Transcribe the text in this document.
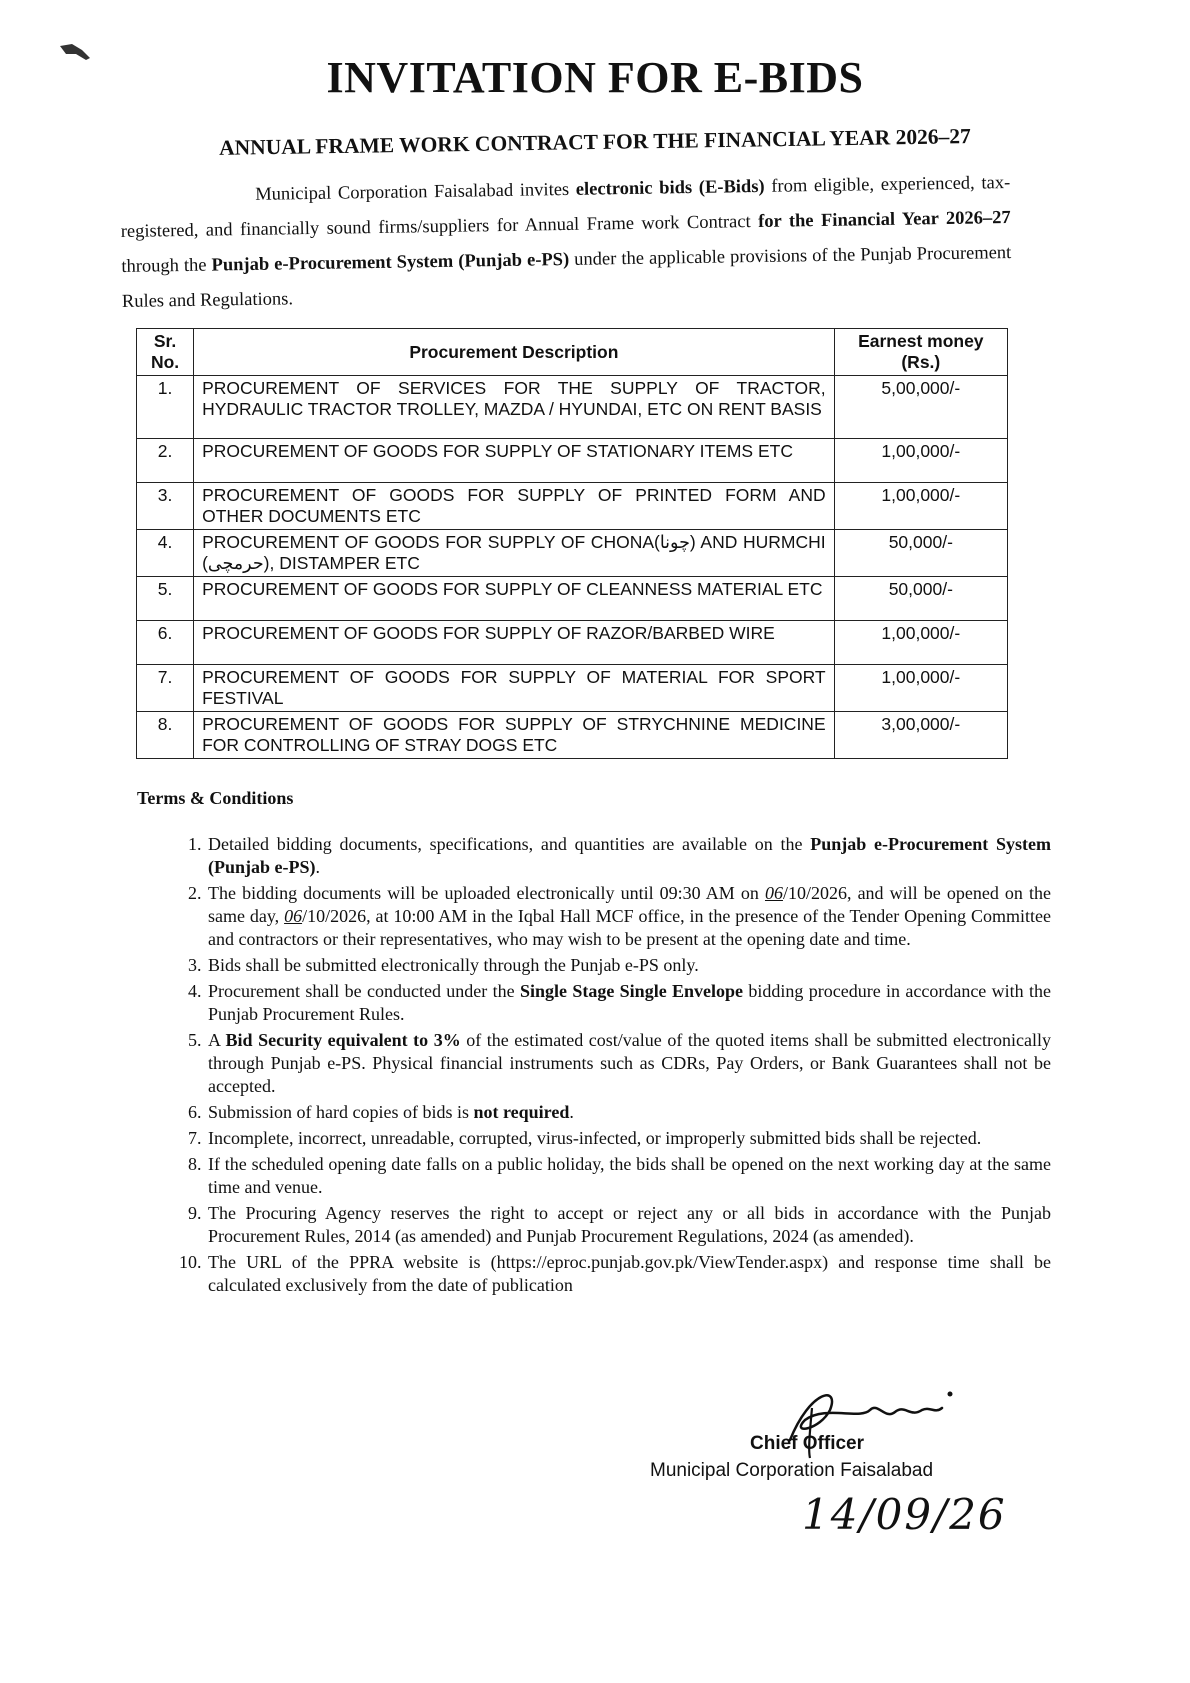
INVITATION FOR E-BIDS
ANNUAL FRAME WORK CONTRACT FOR THE FINANCIAL YEAR 2026–27
Municipal Corporation Faisalabad invites electronic bids (E-Bids) from eligible, experienced, tax-registered, and financially sound firms/suppliers for Annual Frame work Contract for the Financial Year 2026–27 through the Punjab e-Procurement System (Punjab e-PS) under the applicable provisions of the Punjab Procurement Rules and Regulations.
Sr. No.	Procurement Description	Earnest money (Rs.)
1.	PROCUREMENT OF SERVICES FOR THE SUPPLY OF TRACTOR, HYDRAULIC TRACTOR TROLLEY, MAZDA / HYUNDAI, ETC ON RENT BASIS	5,00,000/-
2.	PROCUREMENT OF GOODS FOR SUPPLY OF STATIONARY ITEMS ETC	1,00,000/-
3.	PROCUREMENT OF GOODS FOR SUPPLY OF PRINTED FORM AND OTHER DOCUMENTS ETC	1,00,000/-
4.	PROCUREMENT OF GOODS FOR SUPPLY OF CHONA(چونا) AND HURMCHI (حرمچی), DISTAMPER ETC	50,000/-
5.	PROCUREMENT OF GOODS FOR SUPPLY OF CLEANNESS MATERIAL ETC	50,000/-
6.	PROCUREMENT OF GOODS FOR SUPPLY OF RAZOR/BARBED WIRE	1,00,000/-
7.	PROCUREMENT OF GOODS FOR SUPPLY OF MATERIAL FOR SPORT FESTIVAL	1,00,000/-
8.	PROCUREMENT OF GOODS FOR SUPPLY OF STRYCHNINE MEDICINE FOR CONTROLLING OF STRAY DOGS ETC	3,00,000/-
Terms & Conditions
1. Detailed bidding documents, specifications, and quantities are available on the Punjab e-Procurement System (Punjab e-PS).
2. The bidding documents will be uploaded electronically until 09:30 AM on 06/10/2026, and will be opened on the same day, 06/10/2026, at 10:00 AM in the Iqbal Hall MCF office, in the presence of the Tender Opening Committee and contractors or their representatives, who may wish to be present at the opening date and time.
3. Bids shall be submitted electronically through the Punjab e-PS only.
4. Procurement shall be conducted under the Single Stage Single Envelope bidding procedure in accordance with the Punjab Procurement Rules.
5. A Bid Security equivalent to 3% of the estimated cost/value of the quoted items shall be submitted electronically through Punjab e-PS. Physical financial instruments such as CDRs, Pay Orders, or Bank Guarantees shall not be accepted.
6. Submission of hard copies of bids is not required.
7. Incomplete, incorrect, unreadable, corrupted, virus-infected, or improperly submitted bids shall be rejected.
8. If the scheduled opening date falls on a public holiday, the bids shall be opened on the next working day at the same time and venue.
9. The Procuring Agency reserves the right to accept or reject any or all bids in accordance with the Punjab Procurement Rules, 2014 (as amended) and Punjab Procurement Regulations, 2024 (as amended).
10. The URL of the PPRA website is (https://eproc.punjab.gov.pk/ViewTender.aspx) and response time shall be calculated exclusively from the date of publication
Chief Officer
Municipal Corporation Faisalabad
14/09/26
